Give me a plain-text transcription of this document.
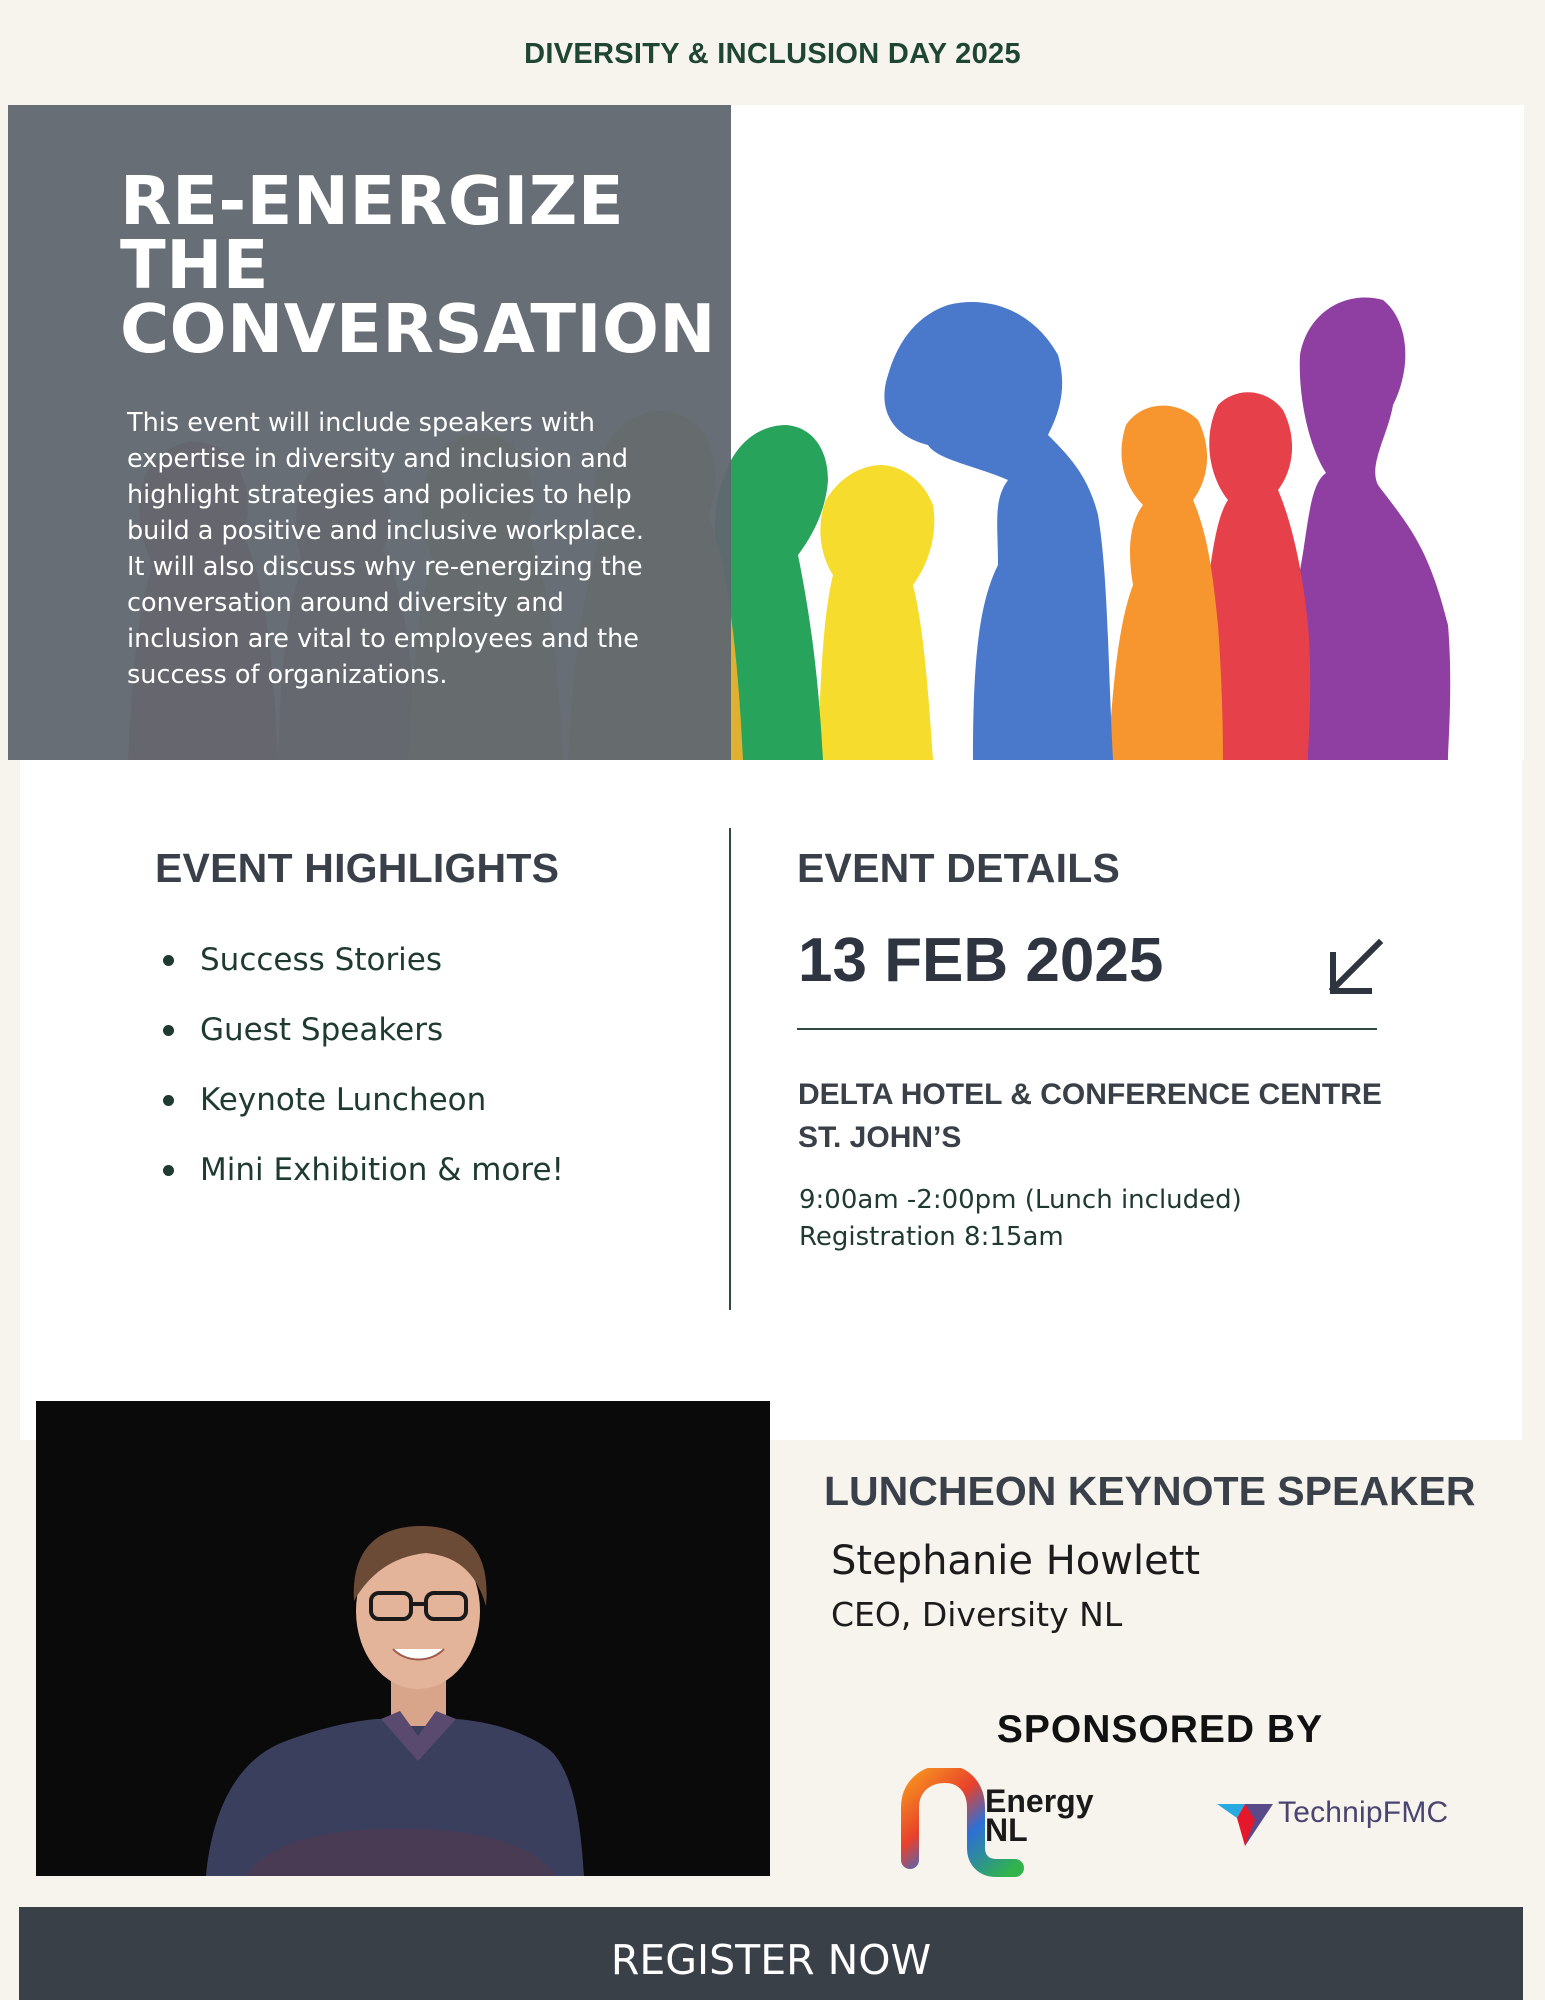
DIVERSITY & INCLUSION DAY 2025
RE-ENERGIZE
THE
CONVERSATION
This event will include speakers with
expertise in diversity and inclusion and
highlight strategies and policies to help
build a positive and inclusive workplace.
It will also discuss why re-energizing the
conversation around diversity and
inclusion are vital to employees and the
success of organizations.
EVENT HIGHLIGHTS
Success Stories
Guest Speakers
Keynote Luncheon
Mini Exhibition & more!
EVENT DETAILS
13 FEB 2025
DELTA HOTEL & CONFERENCE CENTRE
ST. JOHN’S
9:00am -2:00pm (Lunch included)
Registration 8:15am
LUNCHEON KEYNOTE SPEAKER
Stephanie Howlett
CEO, Diversity NL
SPONSORED BY
Energy
NL	TechnipFMC
REGISTER NOW
